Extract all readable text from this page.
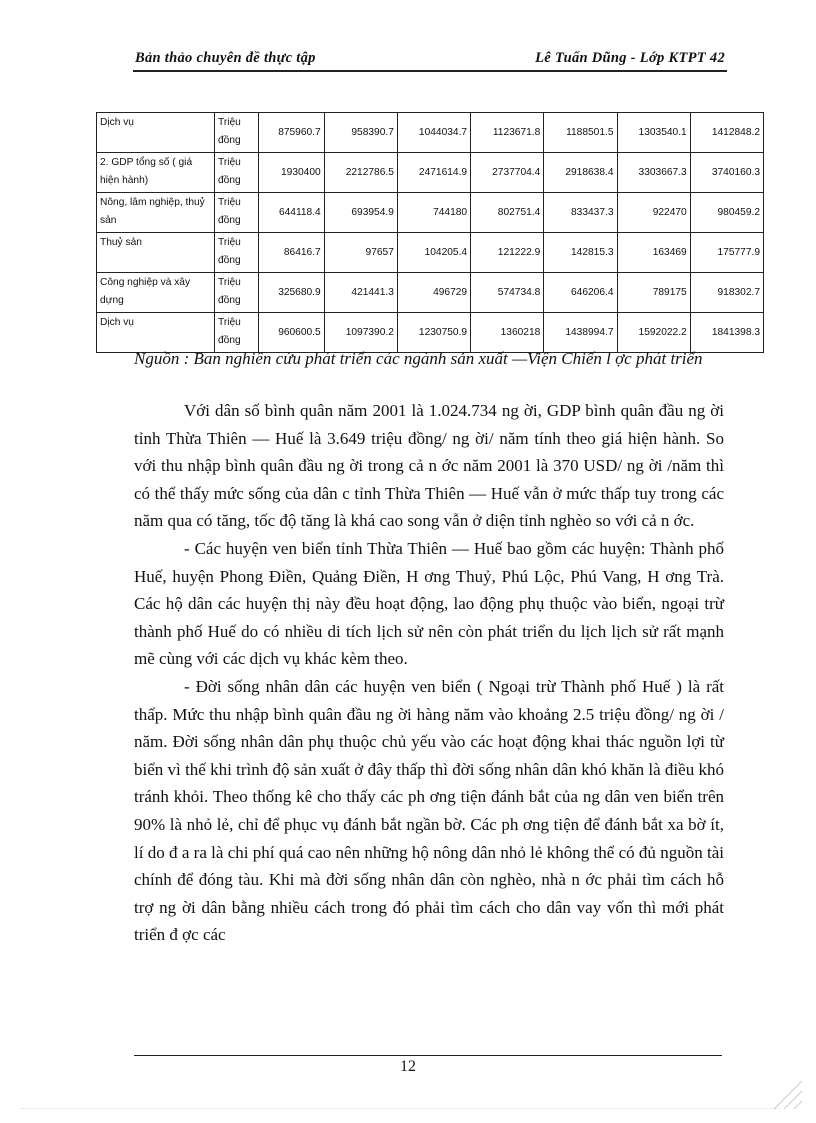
Bản thảo chuyên đề thực tập	Lê Tuấn Dũng - Lớp KTPT 42
Dịch vụ	Triệu đồng	875960.7	958390.7	1044034.7	1123671.8	1188501.5	1303540.1	1412848.2
2. GDP tổng số ( giá hiện hành)	Triệu đồng	1930400	2212786.5	2471614.9	2737704.4	2918638.4	3303667.3	3740160.3
Nông, lâm nghiệp, thuỷ sản	Triệu đồng	644118.4	693954.9	744180	802751.4	833437.3	922470	980459.2
Thuỷ sản	Triệu đồng	86416.7	97657	104205.4	121222.9	142815.3	163469	175777.9
Công nghiệp và xây dựng	Triệu đồng	325680.9	421441.3	496729	574734.8	646206.4	789175	918302.7
Dịch vụ	Triệu đồng	960600.5	1097390.2	1230750.9	1360218	1438994.7	1592022.2	1841398.3
Nguồn : Ban nghiên cứu phát triển các ngành sản xuất —Viện Chiến l ợc phát triển

Với dân số bình quân năm 2001 là 1.024.734 ng ời, GDP bình quân đầu ng ời tỉnh Thừa Thiên — Huế là 3.649 triệu đồng/ ng ời/ năm tính theo giá hiện hành. So với thu nhập bình quân đầu ng ời trong cả n ớc năm 2001 là 370 USD/ ng ời /năm thì có thể thấy mức sống của dân c tỉnh Thừa Thiên — Huế vẫn ở mức thấp tuy trong các năm qua có tăng, tốc độ tăng là khá cao song vẫn ở diện tỉnh nghèo so với cả n ớc.

- Các huyện ven biển tỉnh Thừa Thiên — Huế bao gồm các huyện: Thành phố Huế, huyện Phong Điền, Quảng Điền, H ơng Thuỷ, Phú Lộc, Phú Vang, H ơng Trà. Các hộ dân các huyện thị này đều hoạt động, lao động phụ thuộc vào biển, ngoại trừ thành phố Huế do có nhiều di tích lịch sử nên còn phát triển du lịch lịch sử rất mạnh mẽ cùng với các dịch vụ khác kèm theo.

- Đời sống nhân dân các huyện ven biển ( Ngoại trừ Thành phố Huế ) là rất thấp. Mức thu nhập bình quân đầu ng ời hàng năm vào khoảng 2.5 triệu đồng/ ng ời / năm. Đời sống nhân dân phụ thuộc chủ yếu vào các hoạt động khai thác nguồn lợi từ biển vì thế khi trình độ sản xuất ở đây thấp thì đời sống nhân dân khó khăn là điều khó tránh khỏi. Theo thống kê cho thấy các ph ơng tiện đánh bắt của ng dân ven biển trên 90% là nhỏ lẻ, chỉ để phục vụ đánh bắt ngần bờ. Các ph ơng tiện để đánh bắt xa bờ ít, lí do đ a ra là chi phí quá cao nên những hộ nông dân nhỏ lẻ không thể có đủ nguồn tài chính để đóng tàu. Khi mà đời sống nhân dân còn nghèo, nhà n ớc phải tìm cách hỗ trợ ng ời dân bằng nhiều cách trong đó phải tìm cách cho dân vay vốn thì mới phát triển đ ợc các

12
